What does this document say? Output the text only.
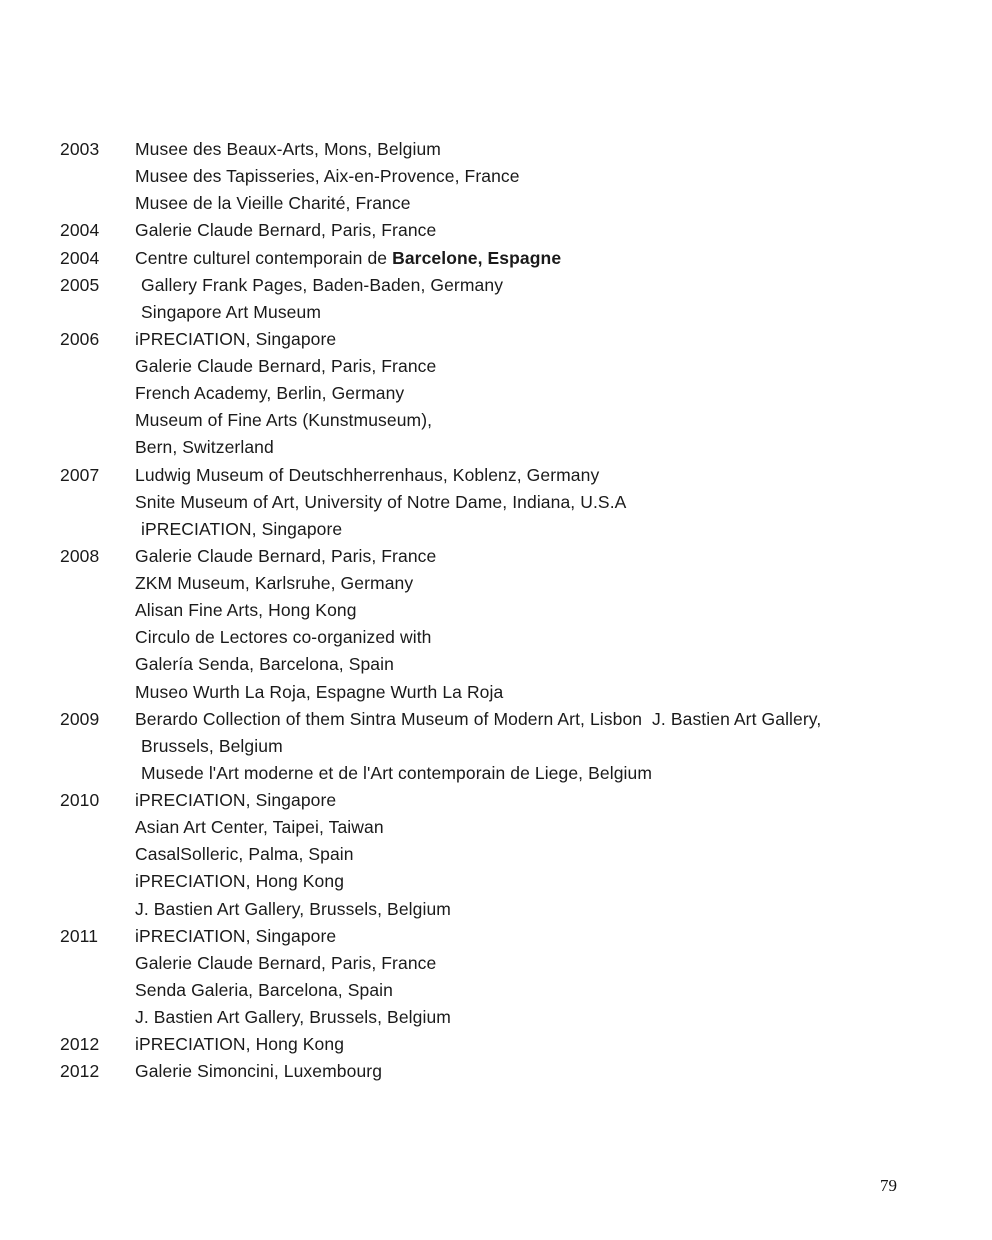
2003	Musee des Beaux-Arts, Mons, Belgium
Musee des Tapisseries, Aix-en-Provence, France
Musee de la Vieille Charité, France
2004	Galerie Claude Bernard, Paris, France
2004	Centre culturel contemporain de Barcelone, Espagne
2005	Gallery Frank Pages, Baden-Baden, Germany
Singapore Art Museum
2006	iPRECIATION, Singapore
Galerie Claude Bernard, Paris, France
French Academy, Berlin, Germany
Museum of Fine Arts (Kunstmuseum),
Bern, Switzerland
2007	Ludwig Museum of Deutschherrenhaus, Koblenz, Germany
Snite Museum of Art, University of Notre Dame, Indiana, U.S.A
iPRECIATION, Singapore
2008	Galerie Claude Bernard, Paris, France
ZKM Museum, Karlsruhe, Germany
Alisan Fine Arts, Hong Kong
Circulo de Lectores co-organized with
Galería Senda, Barcelona, Spain
Museo Wurth La Roja, Espagne Wurth La Roja
2009	Berardo Collection of them Sintra Museum of Modern Art, Lisbon  J. Bastien Art Gallery,
Brussels, Belgium
Musede l'Art moderne et de l'Art contemporain de Liege, Belgium
2010	iPRECIATION, Singapore
Asian Art Center, Taipei, Taiwan
CasalSolleric, Palma, Spain
iPRECIATION, Hong Kong
J. Bastien Art Gallery, Brussels, Belgium
2011	iPRECIATION, Singapore
Galerie Claude Bernard, Paris, France
Senda Galeria, Barcelona, Spain
J. Bastien Art Gallery, Brussels, Belgium
2012	iPRECIATION, Hong Kong
2012	Galerie Simoncini, Luxembourg
79
